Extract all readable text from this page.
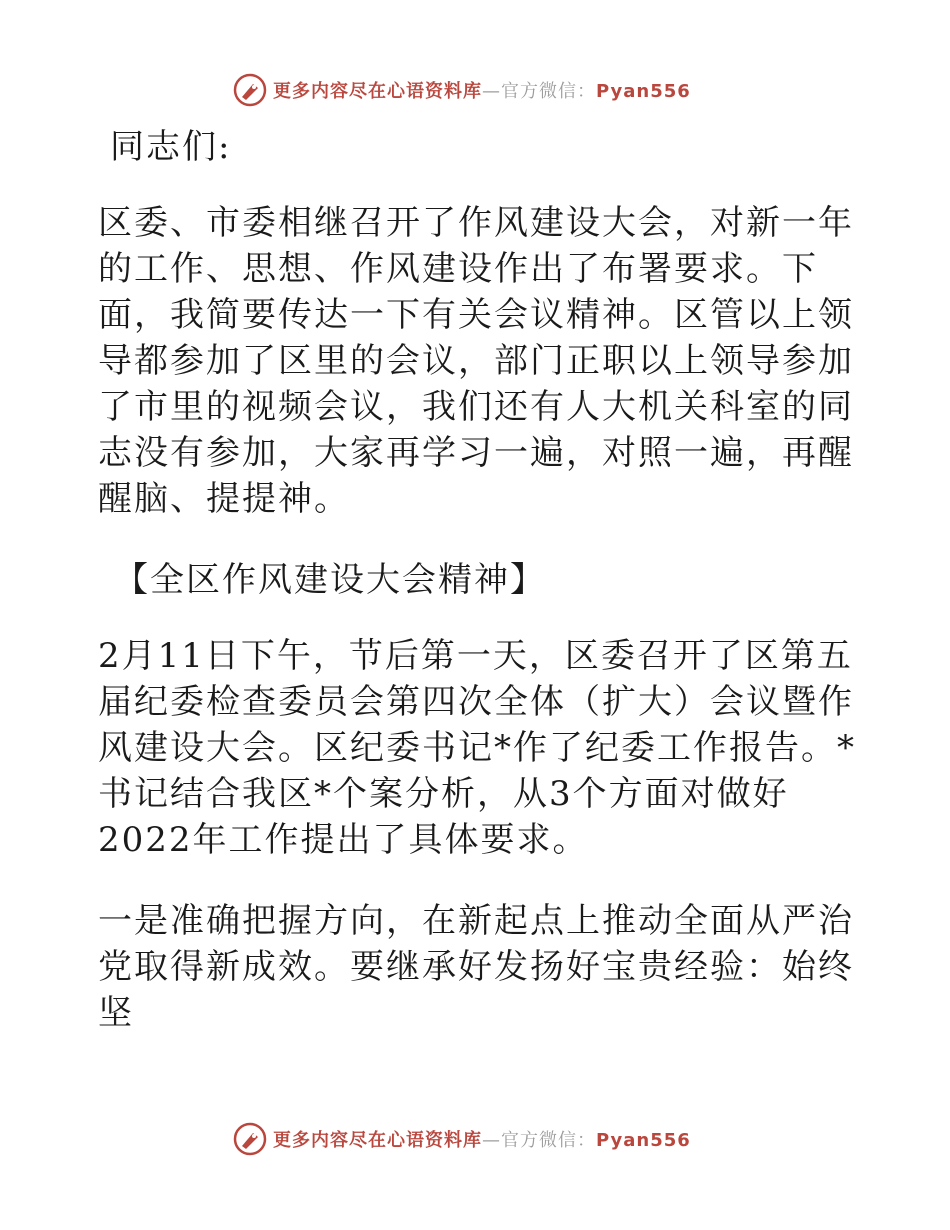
更多内容尽在心语资料库—官方微信：Pyan556

同志们:

区委、市委相继召开了作风建设大会，对新一年的工作、思想、作风建设作出了布署要求。下面，我简要传达一下有关会议精神。区管以上领导都参加了区里的会议，部门正职以上领导参加了市里的视频会议，我们还有人大机关科室的同志没有参加，大家再学习一遍，对照一遍，再醒醒脑、提提神。

【全区作风建设大会精神】

2月11日下午，节后第一天，区委召开了区第五届纪委检查委员会第四次全体（扩大）会议暨作风建设大会。区纪委书记*作了纪委工作报告。*书记结合我区*个案分析，从3个方面对做好2022年工作提出了具体要求。

一是准确把握方向，在新起点上推动全面从严治党取得新成效。要继承好发扬好宝贵经验：始终坚

更多内容尽在心语资料库—官方微信：Pyan556
